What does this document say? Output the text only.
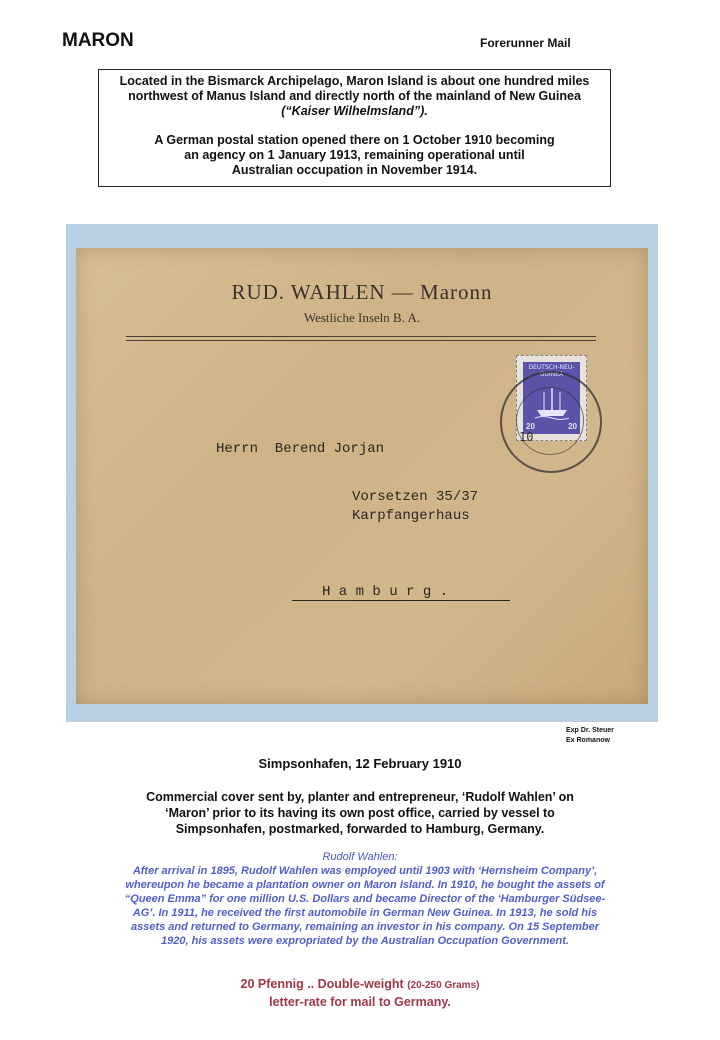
MARON	Forerunner Mail

Located in the Bismarck Archipelago, Maron Island is about one hundred miles

northwest of Manus Island and directly north of the mainland of New Guinea

(“Kaiser Wilhelmsland”).

A German postal station opened there on 1 October 1910 becoming

an agency on 1 January 1913, remaining operational until

Australian occupation in November 1914.

RUD. WAHLEN — Maronn
Westliche Inseln B. A.
DEUTSCH-NEU-GUINEA
20	20
10
Herrn  Berend Jorjan
Vorsetzen 35/37
Karpfangerhaus
H a m b u r g .
Exp Dr. Steuer
Ex Romanow
Simpsonhafen, 12 February 1910
Commercial cover sent by, planter and entrepreneur, ‘Rudolf Wahlen’ on
‘Maron’ prior to its having its own post office, carried by vessel to
Simpsonhafen, postmarked, forwarded to Hamburg, Germany.
Rudolf Wahlen:
After arrival in 1895, Rudolf Wahlen was employed until 1903 with ‘Hernsheim Company’, whereupon he became a plantation owner on Maron Island. In 1910, he bought the assets of “Queen Emma” for one million U.S. Dollars and became Director of the ‘Hamburger Südsee-AG’. In 1911, he received the first automobile in German New Guinea. In 1913, he sold his assets and returned to Germany, remaining an investor in his company. On 15 September 1920, his assets were expropriated by the Australian Occupation Government.
20 Pfennig .. Double-weight (20-250 Grams)
letter-rate for mail to Germany.
